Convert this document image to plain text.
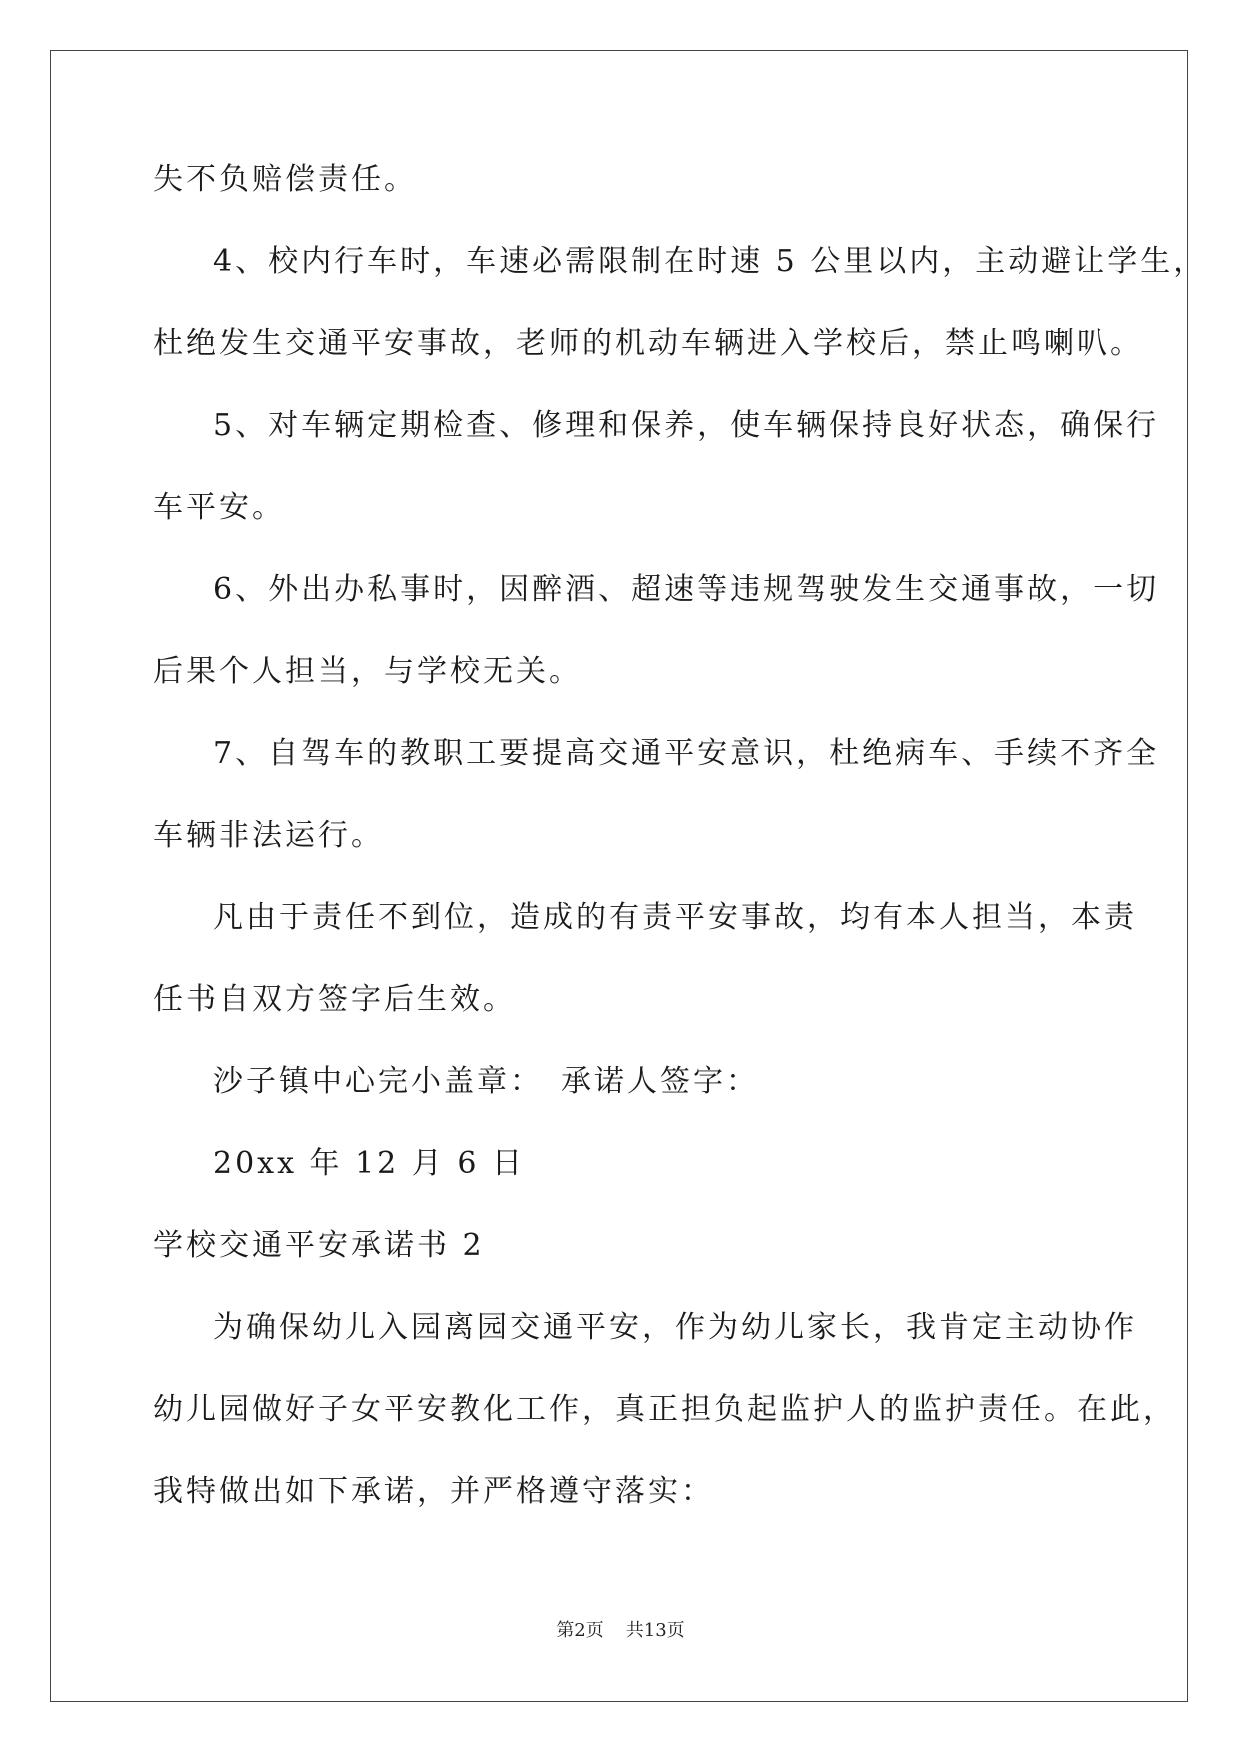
失不负赔偿责任。
4、校内行车时，车速必需限制在时速 5 公里以内，主动避让学生，
杜绝发生交通平安事故，老师的机动车辆进入学校后，禁止鸣喇叭。
5、对车辆定期检查、修理和保养，使车辆保持良好状态，确保行
车平安。
6、外出办私事时，因醉酒、超速等违规驾驶发生交通事故，一切
后果个人担当，与学校无关。
7、自驾车的教职工要提高交通平安意识，杜绝病车、手续不齐全
车辆非法运行。
凡由于责任不到位，造成的有责平安事故，均有本人担当，本责
任书自双方签字后生效。
沙子镇中心完小盖章：　承诺人签字：
20xx 年 12 月 6 日
学校交通平安承诺书 2
为确保幼儿入园离园交通平安，作为幼儿家长，我肯定主动协作
幼儿园做好子女平安教化工作，真正担负起监护人的监护责任。在此，
我特做出如下承诺，并严格遵守落实：
第2页 共13页
